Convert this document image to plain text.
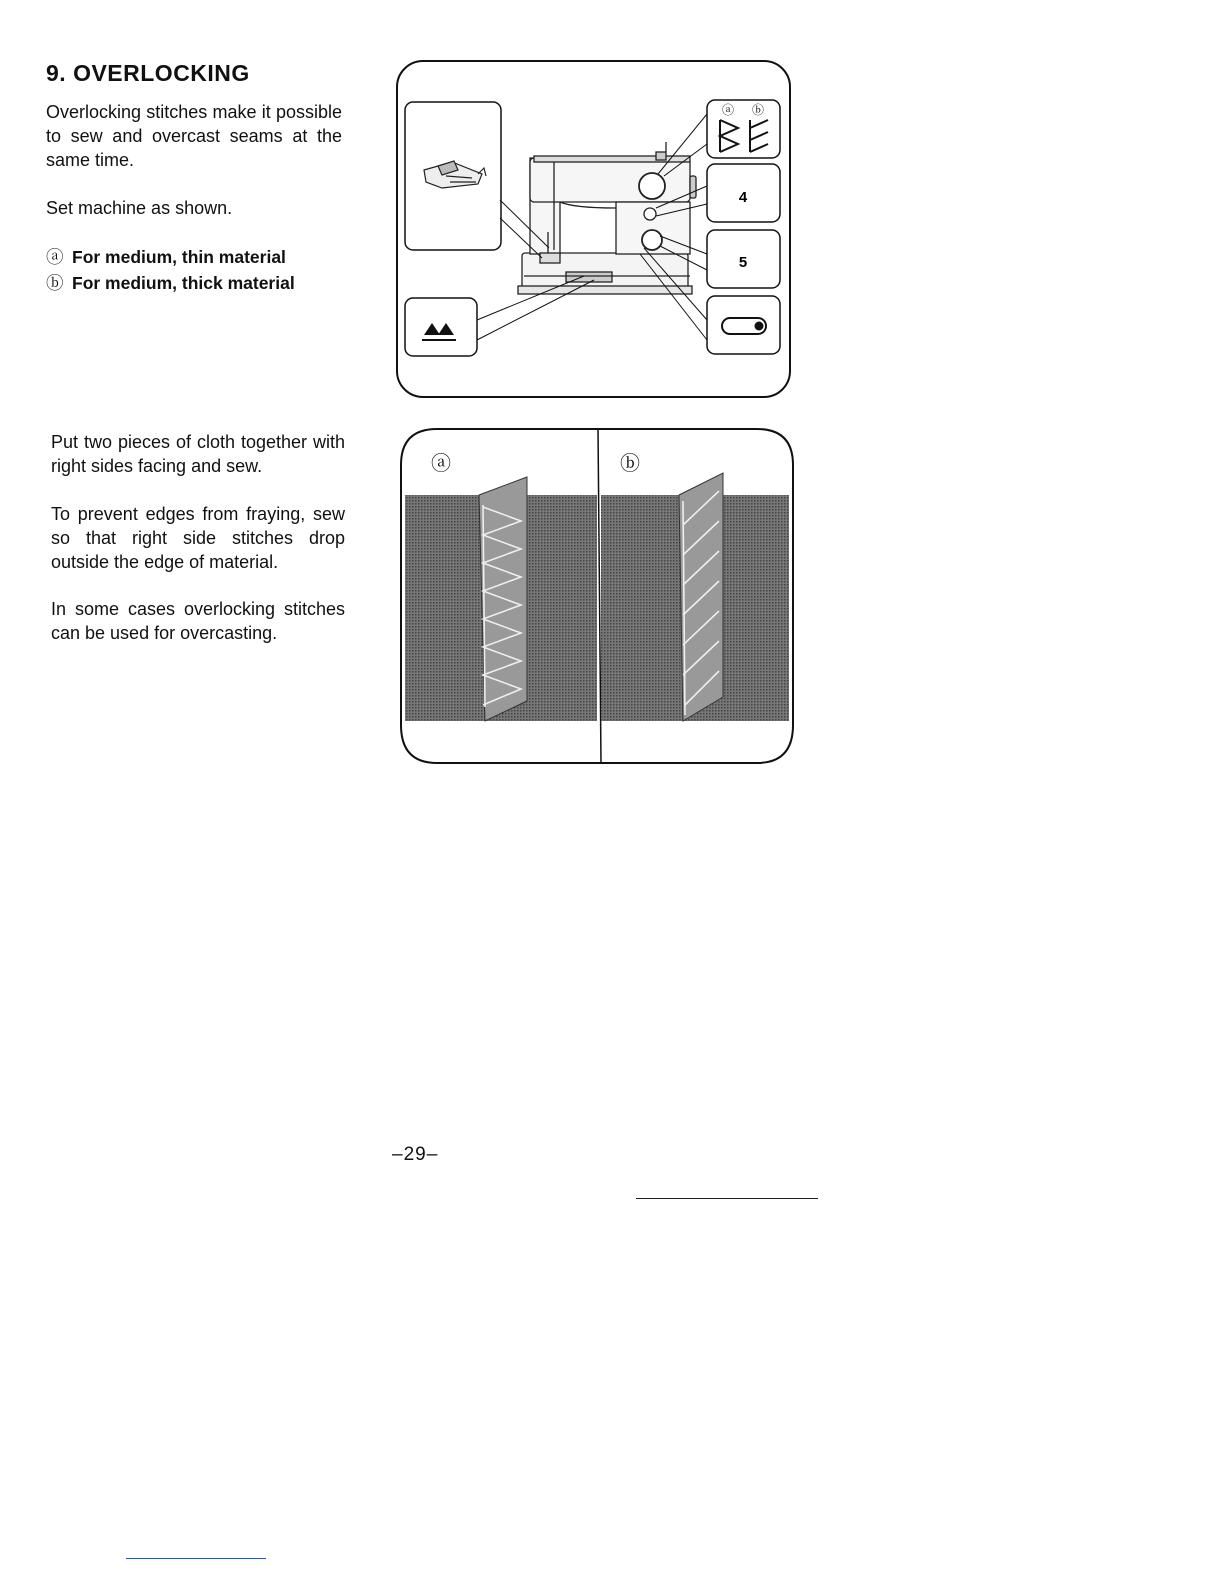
9. OVERLOCKING
Overlocking stitches make it possible to sew and overcast seams at the same time.
Set machine as shown.
ⓐ For medium, thin material
ⓑ For medium, thick material
Put two pieces of cloth together with right sides facing and sew.
To prevent edges from fraying, sew so that right side stitches drop outside the edge of material.
In some cases overlocking stitches can be used for overcasting.
ⓐ ⓑ
4
5
ⓐ	ⓑ
–29–
